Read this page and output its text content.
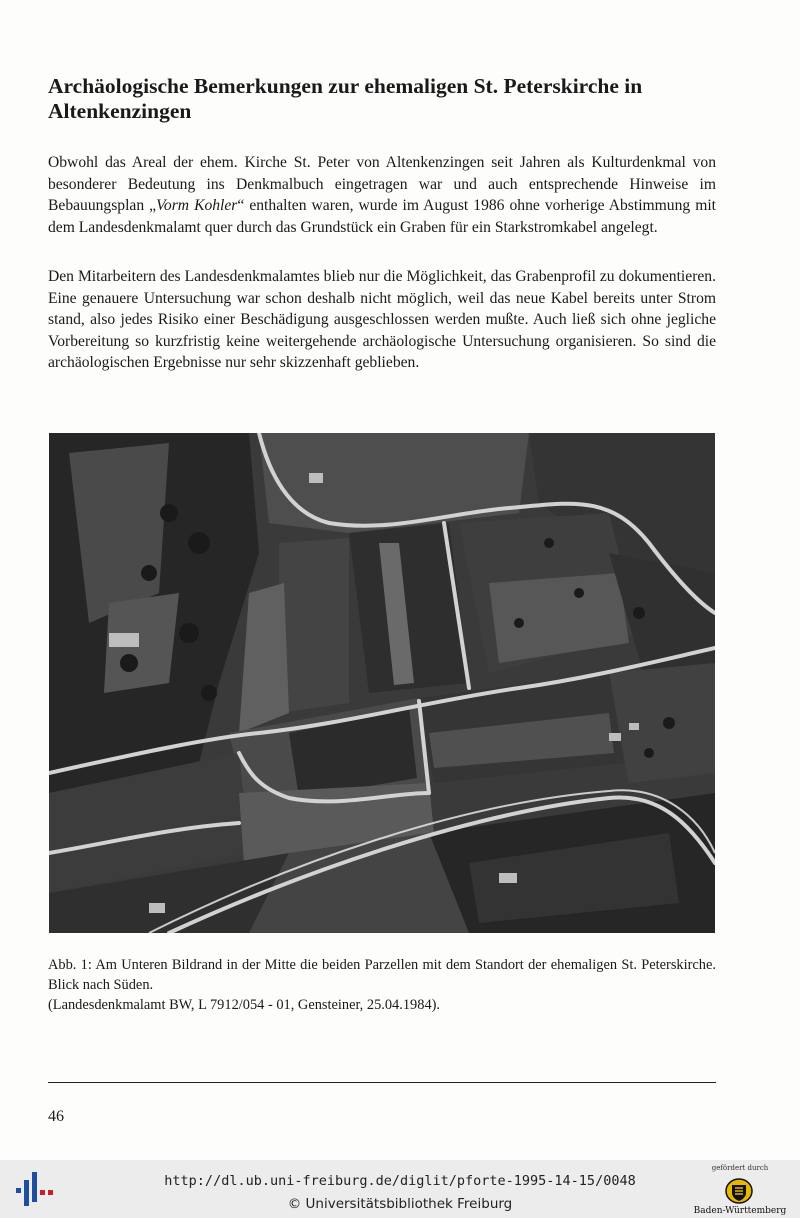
Archäologische Bemerkungen zur ehemaligen St. Peterskirche in Altenkenzingen

Obwohl das Areal der ehem. Kirche St. Peter von Altenkenzingen seit Jahren als Kulturdenkmal von besonderer Bedeutung ins Denkmalbuch eingetragen war und auch entsprechende Hinweise im Bebauungsplan „Vorm Kohler“ enthalten waren, wurde im August 1986 ohne vorherige Abstimmung mit dem Landesdenkmalamt quer durch das Grundstück ein Graben für ein Starkstromkabel angelegt.

Den Mitarbeitern des Landesdenkmalamtes blieb nur die Möglichkeit, das Grabenprofil zu dokumentieren. Eine genauere Untersuchung war schon deshalb nicht möglich, weil das neue Kabel bereits unter Strom stand, also jedes Risiko einer Beschädigung ausgeschlossen werden mußte. Auch ließ sich ohne jegliche Vorbereitung so kurzfristig keine weitergehende archäologische Untersuchung organisieren. So sind die archäologischen Ergebnisse nur sehr skizzenhaft geblieben.

Abb. 1: Am Unteren Bildrand in der Mitte die beiden Parzellen mit dem Standort der ehemaligen St. Peterskirche. Blick nach Süden.
(Landesdenkmalamt BW, L 7912/054 - 01, Gensteiner, 25.04.1984).

46
http://dl.ub.uni-freiburg.de/diglit/pforte-1995-14-15/0048
© Universitätsbibliothek Freiburg
gefördert durch
Baden-Württemberg
